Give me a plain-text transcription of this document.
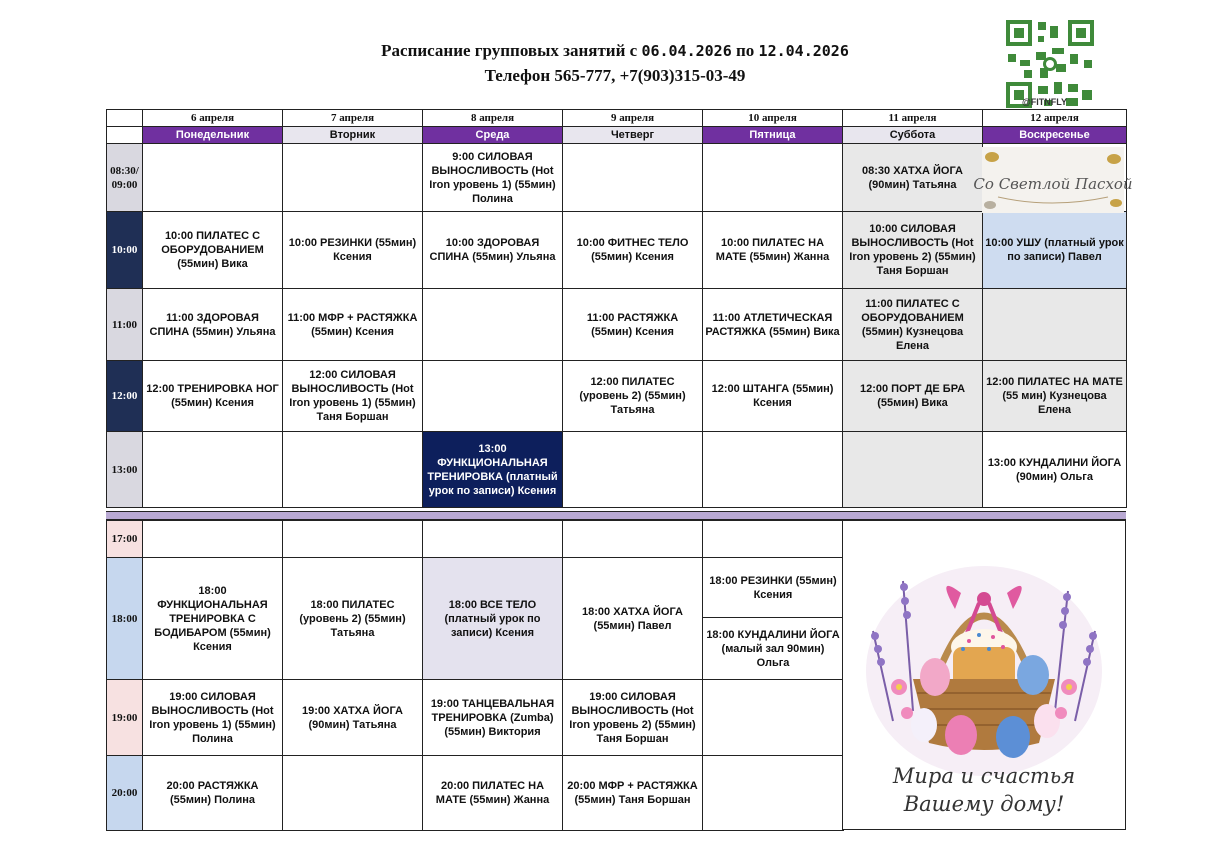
Расписание групповых занятий с 06.04.2026 по 12.04.2026
Телефон 565-777, +7(903)315-03-49
@FITNFLY
	6 апреля	7 апреля	8 апреля	9 апреля	10 апреля	11 апреля	12 апреля
	Понедельник	Вторник	Среда	Четверг	Пятница	Суббота	Воскресенье
08:30/ 09:00			9:00 СИЛОВАЯ ВЫНОСЛИВОСТЬ (Hot Iron уровень 1) (55мин) Полина			08:30 ХАТХА ЙОГА (90мин) Татьяна	
10:00	10:00 ПИЛАТЕС С ОБОРУДОВАНИЕМ (55мин) Вика	10:00 РЕЗИНКИ (55мин) Ксения	10:00 ЗДОРОВАЯ СПИНА (55мин) Ульяна	10:00 ФИТНЕС ТЕЛО (55мин) Ксения	10:00 ПИЛАТЕС НА МАТЕ (55мин) Жанна	10:00 СИЛОВАЯ ВЫНОСЛИВОСТЬ (Hot Iron уровень 2) (55мин) Таня Боршан	10:00 УШУ (платный урок по записи) Павел
11:00	11:00 ЗДОРОВАЯ СПИНА (55мин) Ульяна	11:00 МФР + РАСТЯЖКА (55мин) Ксения		11:00 РАСТЯЖКА (55мин) Ксения	11:00 АТЛЕТИЧЕСКАЯ РАСТЯЖКА (55мин) Вика	11:00 ПИЛАТЕС С ОБОРУДОВАНИЕМ (55мин) Кузнецова Елена	
12:00	12:00 ТРЕНИРОВКА НОГ (55мин) Ксения	12:00 СИЛОВАЯ ВЫНОСЛИВОСТЬ (Hot Iron уровень 1) (55мин) Таня Боршан		12:00 ПИЛАТЕС (уровень 2) (55мин) Татьяна	12:00 ШТАНГА (55мин) Ксения	12:00 ПОРТ ДЕ БРА (55мин) Вика	12:00 ПИЛАТЕС НА МАТЕ (55 мин) Кузнецова Елена
13:00			13:00 ФУНКЦИОНАЛЬНАЯ ТРЕНИРОВКА (платный урок по записи) Ксения				13:00 КУНДАЛИНИ ЙОГА (90мин) Ольга
Со Светлой Пасхой
17:00					
18:00	18:00 ФУНКЦИОНАЛЬНАЯ ТРЕНИРОВКА С БОДИБАРОМ (55мин) Ксения	18:00 ПИЛАТЕС (уровень 2) (55мин) Татьяна	18:00 ВСЕ ТЕЛО (платный урок по записи) Ксения	18:00 ХАТХА ЙОГА (55мин) Павел	18:00 РЕЗИНКИ (55мин) Ксения
					18:00 КУНДАЛИНИ ЙОГА (малый зал 90мин) Ольга
19:00	19:00 СИЛОВАЯ ВЫНОСЛИВОСТЬ (Hot Iron уровень 1) (55мин) Полина	19:00 ХАТХА ЙОГА (90мин) Татьяна	19:00 ТАНЦЕВАЛЬНАЯ ТРЕНИРОВКА (Zumba) (55мин) Виктория	19:00 СИЛОВАЯ ВЫНОСЛИВОСТЬ (Hot Iron уровень 2) (55мин) Таня Боршан	
20:00	20:00 РАСТЯЖКА (55мин) Полина		20:00 ПИЛАТЕС НА МАТЕ (55мин) Жанна	20:00 МФР + РАСТЯЖКА (55мин) Таня Боршан	
Мира и счастья
Вашему дому!
